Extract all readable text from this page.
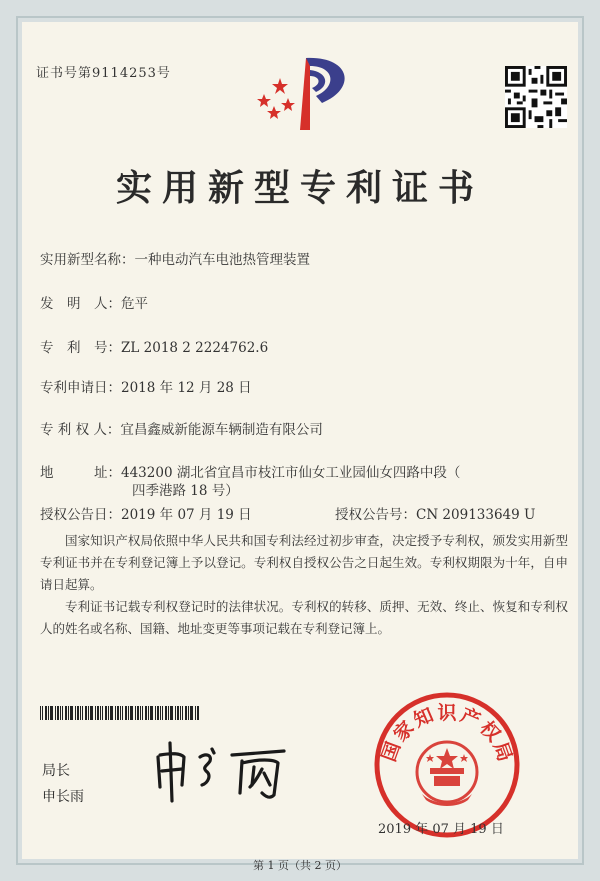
证书号第9114253号
实用新型专利证书
实用新型名称：一种电动汽车电池热管理装置
发　明　人：危平
专　利　号：ZL 2018 2 2224762.6
专利申请日：2018 年 12 月 28 日
专 利 权 人：宜昌鑫威新能源车辆制造有限公司
地　　　址：443200 湖北省宜昌市枝江市仙女工业园仙女四路中段（
四季港路 18 号）
授权公告日：2019 年 07 月 19 日	授权公告号：CN 209133649 U
国家知识产权局依照中华人民共和国专利法经过初步审查，决定授予专利权，颁发实用新型专利证书并在专利登记簿上予以登记。专利权自授权公告之日起生效。专利权期限为十年，自申请日起算。
专利证书记载专利权登记时的法律状况。专利权的转移、质押、无效、终止、恢复和专利权人的姓名或名称、国籍、地址变更等事项记载在专利登记簿上。
局长
申长雨
国
家
知 识 产
权
局
2019 年 07 月 19 日
第 1 页（共 2 页）
